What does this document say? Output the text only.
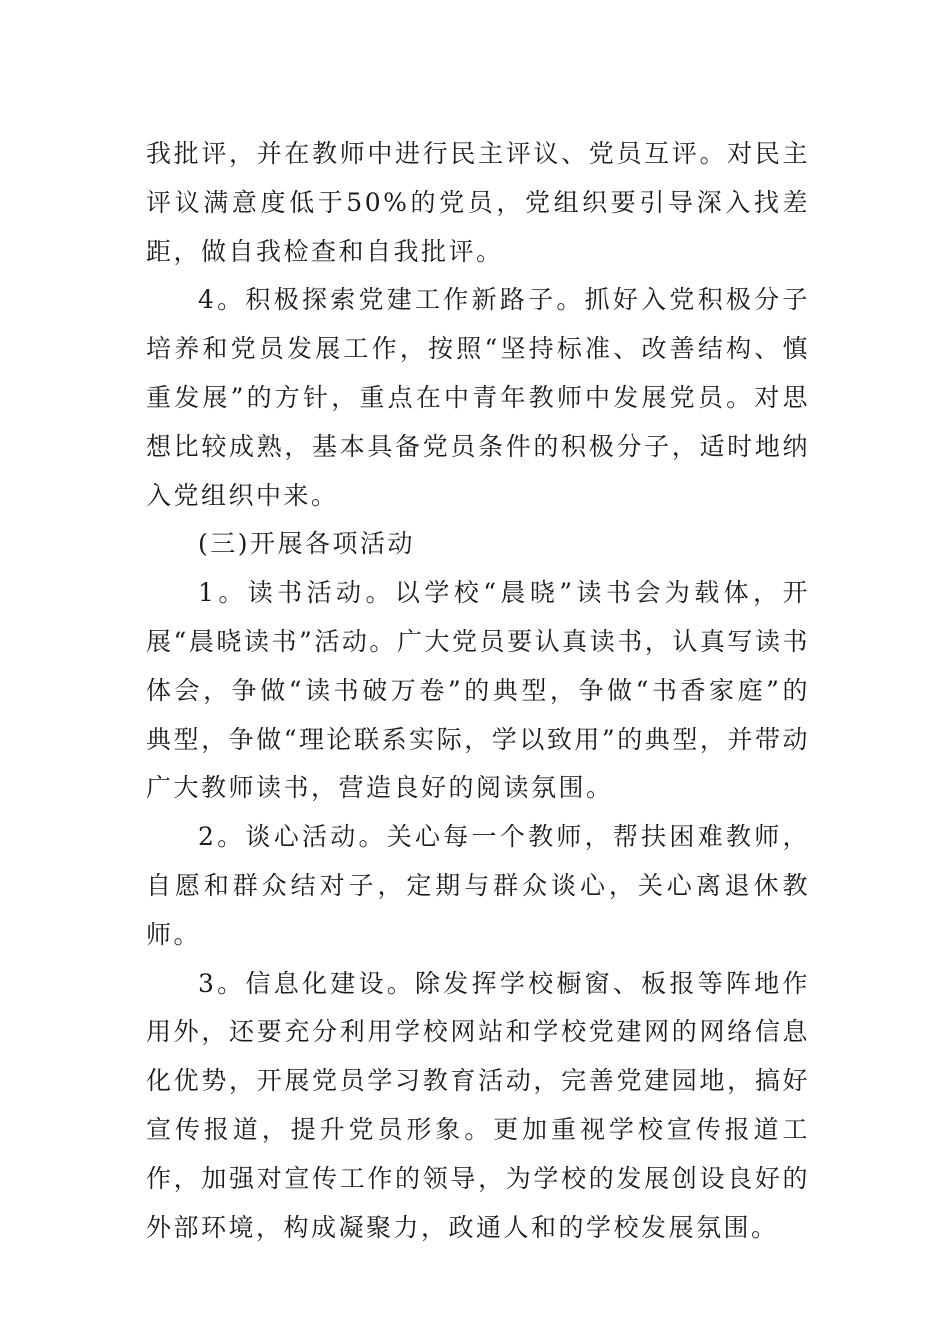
我批评，并在教师中进行民主评议、党员互评。对民主评议满意度低于50%的党员，党组织要引导深入找差距，做自我检查和自我批评。

4。积极探索党建工作新路子。抓好入党积极分子培养和党员发展工作，按照“坚持标准、改善结构、慎重发展”的方针，重点在中青年教师中发展党员。对思想比较成熟，基本具备党员条件的积极分子，适时地纳入党组织中来。

(三)开展各项活动

1。读书活动。以学校“晨晓”读书会为载体，开展“晨晓读书”活动。广大党员要认真读书，认真写读书体会，争做“读书破万卷”的典型，争做“书香家庭”的典型，争做“理论联系实际，学以致用”的典型，并带动广大教师读书，营造良好的阅读氛围。

2。谈心活动。关心每一个教师，帮扶困难教师，自愿和群众结对子，定期与群众谈心，关心离退休教师。

3。信息化建设。除发挥学校橱窗、板报等阵地作用外，还要充分利用学校网站和学校党建网的网络信息化优势，开展党员学习教育活动，完善党建园地，搞好宣传报道，提升党员形象。更加重视学校宣传报道工作，加强对宣传工作的领导，为学校的发展创设良好的外部环境，构成凝聚力，政通人和的学校发展氛围。
